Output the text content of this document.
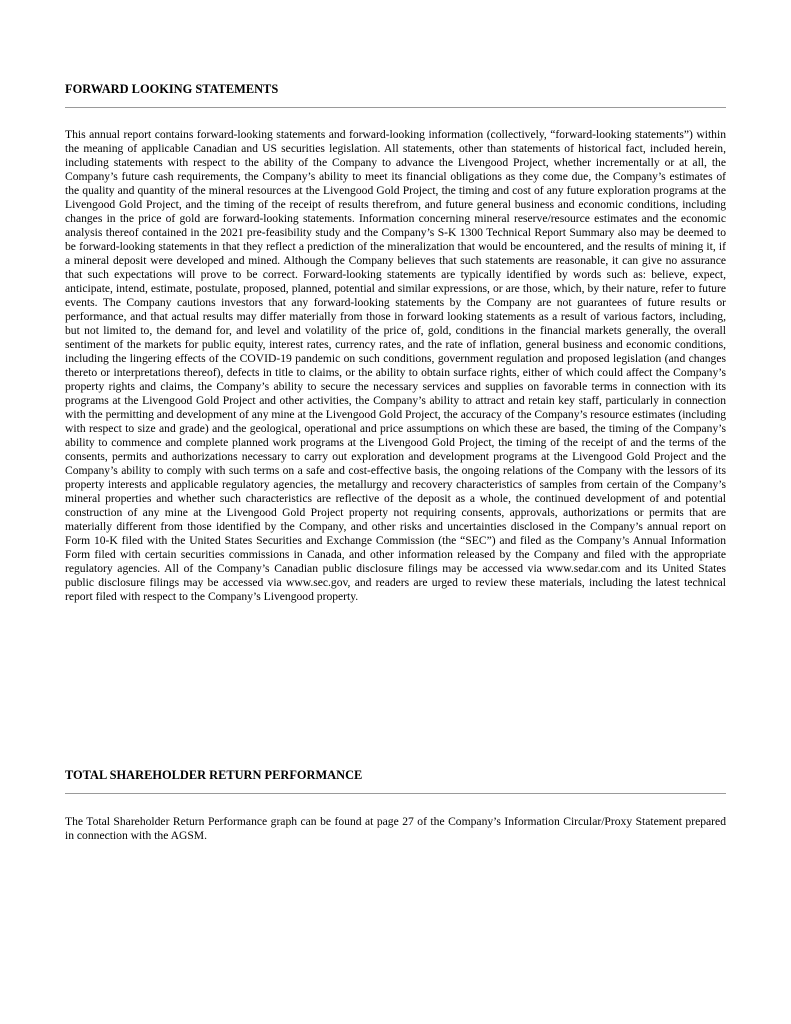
FORWARD LOOKING STATEMENTS

This annual report contains forward-looking statements and forward-looking information (collectively, “forward-looking statements”) within the meaning of applicable Canadian and US securities legislation. All statements, other than statements of historical fact, included herein, including statements with respect to the ability of the Company to advance the Livengood Project, whether incrementally or at all, the Company’s future cash requirements, the Company’s ability to meet its financial obligations as they come due, the Company’s estimates of the quality and quantity of the mineral resources at the Livengood Gold Project, the timing and cost of any future exploration programs at the Livengood Gold Project, and the timing of the receipt of results therefrom, and future general business and economic conditions, including changes in the price of gold are forward-looking statements. Information concerning mineral reserve/resource estimates and the economic analysis thereof contained in the 2021 pre-feasibility study and the Company’s S-K 1300 Technical Report Summary also may be deemed to be forward-looking statements in that they reflect a prediction of the mineralization that would be encountered, and the results of mining it, if a mineral deposit were developed and mined. Although the Company believes that such statements are reasonable, it can give no assurance that such expectations will prove to be correct. Forward-looking statements are typically identified by words such as: believe, expect, anticipate, intend, estimate, postulate, proposed, planned, potential and similar expressions, or are those, which, by their nature, refer to future events. The Company cautions investors that any forward-looking statements by the Company are not guarantees of future results or performance, and that actual results may differ materially from those in forward looking statements as a result of various factors, including, but not limited to, the demand for, and level and volatility of the price of, gold, conditions in the financial markets generally, the overall sentiment of the markets for public equity, interest rates, currency rates, and the rate of inflation, general business and economic conditions, including the lingering effects of the COVID-19 pandemic on such conditions, government regulation and proposed legislation (and changes thereto or interpretations thereof), defects in title to claims, or the ability to obtain surface rights, either of which could affect the Company’s property rights and claims, the Company’s ability to secure the necessary services and supplies on favorable terms in connection with its programs at the Livengood Gold Project and other activities, the Company’s ability to attract and retain key staff, particularly in connection with the permitting and development of any mine at the Livengood Gold Project, the accuracy of the Company’s resource estimates (including with respect to size and grade) and the geological, operational and price assumptions on which these are based, the timing of the Company’s ability to commence and complete planned work programs at the Livengood Gold Project, the timing of the receipt of and the terms of the consents, permits and authorizations necessary to carry out exploration and development programs at the Livengood Gold Project and the Company’s ability to comply with such terms on a safe and cost-effective basis, the ongoing relations of the Company with the lessors of its property interests and applicable regulatory agencies, the metallurgy and recovery characteristics of samples from certain of the Company’s mineral properties and whether such characteristics are reflective of the deposit as a whole, the continued development of and potential construction of any mine at the Livengood Gold Project property not requiring consents, approvals, authorizations or permits that are materially different from those identified by the Company, and other risks and uncertainties disclosed in the Company’s annual report on Form 10-K filed with the United States Securities and Exchange Commission (the “SEC”) and filed as the Company’s Annual Information Form filed with certain securities commissions in Canada, and other information released by the Company and filed with the appropriate regulatory agencies. All of the Company’s Canadian public disclosure filings may be accessed via www.sedar.com and its United States public disclosure filings may be accessed via www.sec.gov, and readers are urged to review these materials, including the latest technical report filed with respect to the Company’s Livengood property.

TOTAL SHAREHOLDER RETURN PERFORMANCE

The Total Shareholder Return Performance graph can be found at page 27 of the Company’s Information Circular/Proxy Statement prepared in connection with the AGSM.
